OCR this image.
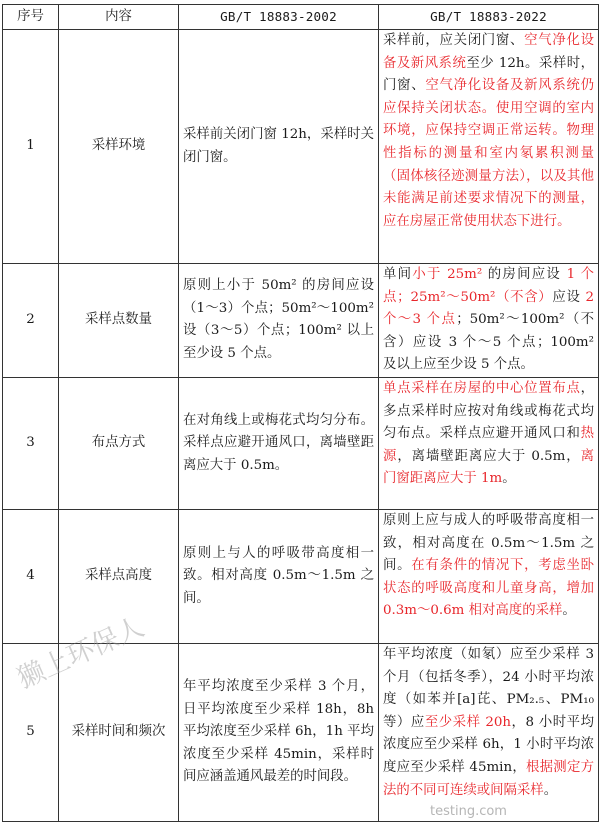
序号	内容	GB/T 18883-2002	GB/T 18883-2022
1	采样环境	采样前关闭门窗 12h，采样时关闭门窗。	采样前，应关闭门窗、空气净化设备及新风系统至少 12h。采样时，门窗、空气净化设备及新风系统仍应保持关闭状态。使用空调的室内环境，应保持空调正常运转。物理性指标的测量和室内氡累积测量（固体核径迹测量方法），以及其他未能满足前述要求情况下的测量，应在房屋正常使用状态下进行。
2	采样点数量	原则上小于 50m² 的房间应设（1～3）个点；50m²～100m² 设（3～5）个点；100m² 以上至少设 5 个点。	单间小于 25m² 的房间应设 1 个点；25m²～50m²（不含）应设 2 个～3 个点；50m²～100m²（不含）应设 3 个～5 个点；100m² 及以上应至少设 5 个点。
3	布点方式	在对角线上或梅花式均匀分布。采样点应避开通风口，离墙壁距离应大于 0.5m。	单点采样在房屋的中心位置布点，多点采样时应按对角线或梅花式均匀布点。采样点应避开通风口和热源，离墙壁距离应大于 0.5m，离门窗距离应大于 1m。
4	采样点高度	原则上与人的呼吸带高度相一致。相对高度 0.5m～1.5m 之间。	原则上应与成人的呼吸带高度相一致，相对高度在 0.5m～1.5m 之间。在有条件的情况下，考虑坐卧状态的呼吸高度和儿童身高，增加 0.3m～0.6m 相对高度的采样。
5	采样时间和频次	年平均浓度至少采样 3 个月，日平均浓度至少采样 18h，8h 平均浓度至少采样 6h，1h 平均浓度至少采样 45min，采样时间应涵盖通风最差的时间段。	年平均浓度（如氡）应至少采样 3 个月（包括冬季），24 小时平均浓度（如苯并[a]芘、PM₂.₅、PM₁₀ 等）应至少采样 20h，8 小时平均浓度应至少采样 6h，1 小时平均浓度应至少采样 45min，根据测定方法的不同可连续或间隔采样。
獭上环保人
testing.com
